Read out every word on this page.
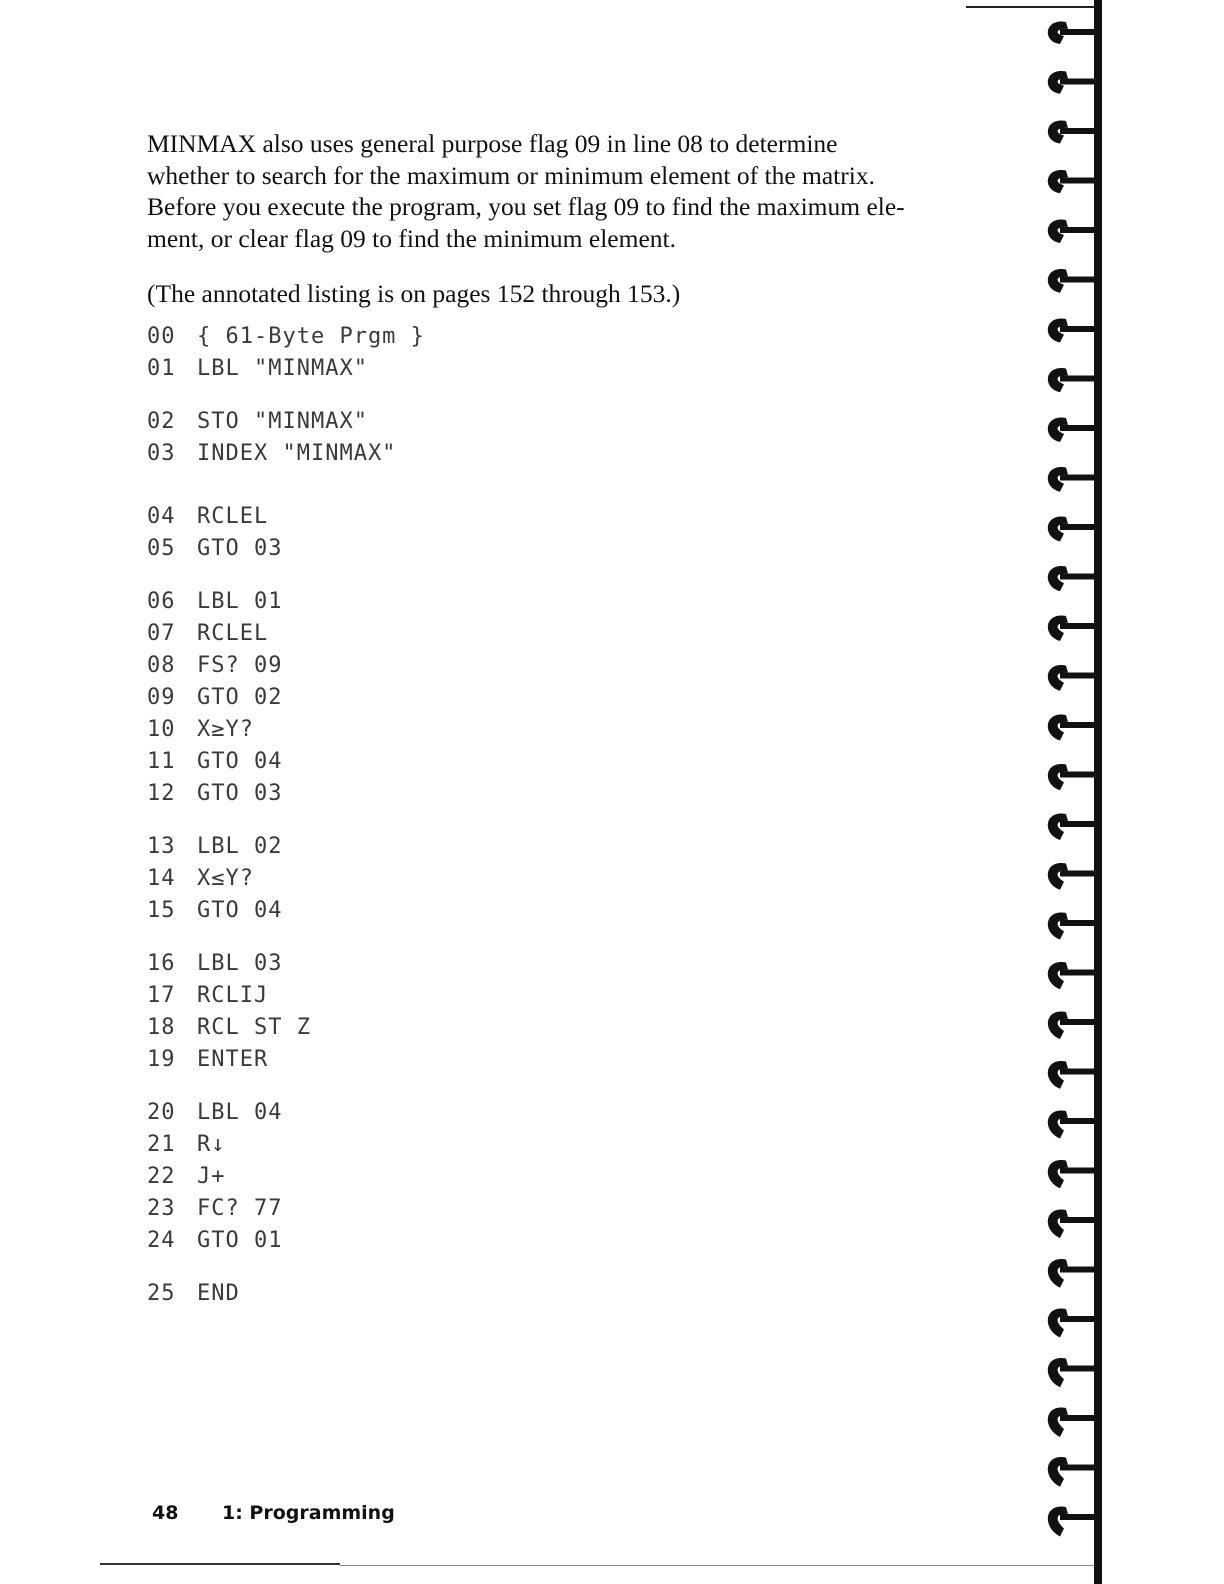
MINMAX also uses general purpose flag 09 in line 08 to determine

whether to search for the maximum or minimum element of the matrix.

Before you execute the program, you set flag 09 to find the maximum ele-

ment, or clear flag 09 to find the minimum element.

(The annotated listing is on pages 152 through 153.)
00 { 61-Byte Prgm }
01 LBL "MINMAX"
02 STO "MINMAX"
03 INDEX "MINMAX"
04 RCLEL
05 GTO 03
06 LBL 01
07 RCLEL
08 FS? 09
09 GTO 02
10 X≥Y?
11 GTO 04
12 GTO 03
13 LBL 02
14 X≤Y?
15 GTO 04
16 LBL 03
17 RCLIJ
18 RCL ST Z
19 ENTER
20 LBL 04
21 R↓
22 J+
23 FC? 77
24 GTO 01
25 END
48 1: Programming
